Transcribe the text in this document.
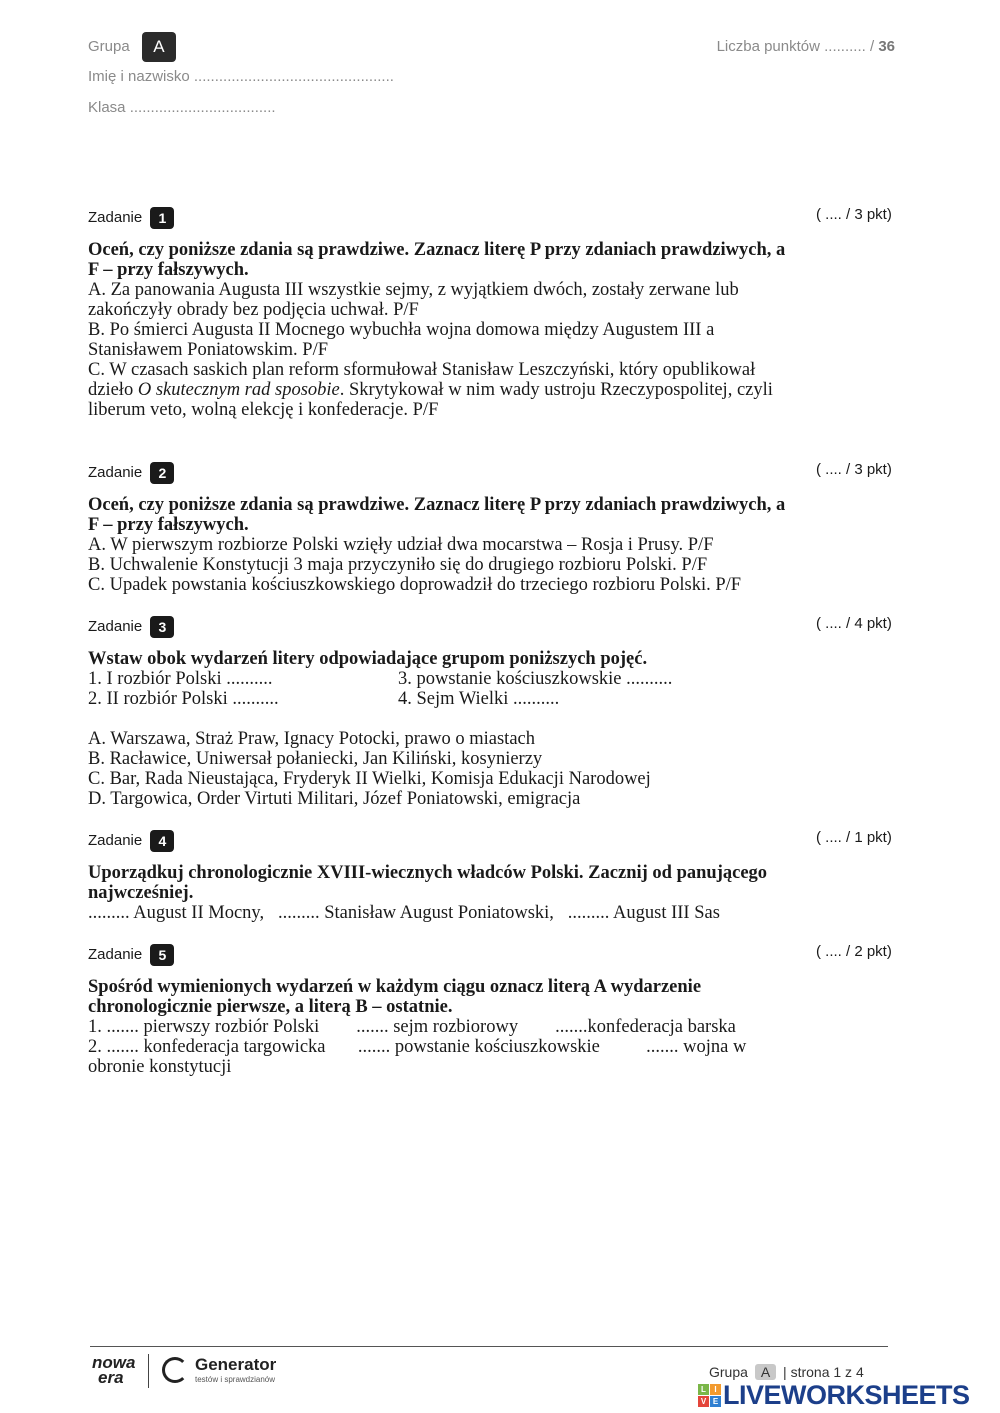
Grupa A
Imię i nazwisko ................................................
Klasa ...................................
Liczba punktów .......... / 36
Zadanie 1	( .... / 3 pkt)

Oceń, czy poniższe zdania są prawdziwe. Zaznacz literę P przy zdaniach prawdziwych, a F – przy fałszywych.

A. Za panowania Augusta III wszystkie sejmy, z wyjątkiem dwóch, zostały zerwane lub zakończyły obrady bez podjęcia uchwał. P/F

B. Po śmierci Augusta II Mocnego wybuchła wojna domowa między Augustem III a Stanisławem Poniatowskim. P/F

C. W czasach saskich plan reform sformułował Stanisław Leszczyński, który opublikował dzieło O skutecznym rad sposobie. Skrytykował w nim wady ustroju Rzeczypospolitej, czyli liberum veto, wolną elekcję i konfederacje. P/F

Zadanie 2	( .... / 3 pkt)

Oceń, czy poniższe zdania są prawdziwe. Zaznacz literę P przy zdaniach prawdziwych, a F – przy fałszywych.

A. W pierwszym rozbiorze Polski wzięły udział dwa mocarstwa – Rosja i Prusy. P/F

B. Uchwalenie Konstytucji 3 maja przyczyniło się do drugiego rozbioru Polski. P/F

C. Upadek powstania kościuszkowskiego doprowadził do trzeciego rozbioru Polski. P/F

Zadanie 3	( .... / 4 pkt)

Wstaw obok wydarzeń litery odpowiadające grupom poniższych pojęć.

1. I rozbiór Polski ..........	3. powstanie kościuszkowskie ..........
2. II rozbiór Polski ..........	4. Sejm Wielki ..........

A. Warszawa, Straż Praw, Ignacy Potocki, prawo o miastach

B. Racławice, Uniwersał połaniecki, Jan Kiliński, kosynierzy

C. Bar, Rada Nieustająca, Fryderyk II Wielki, Komisja Edukacji Narodowej

D. Targowica, Order Virtuti Militari, Józef Poniatowski, emigracja

Zadanie 4	( .... / 1 pkt)

Uporządkuj chronologicznie XVIII-wiecznych władców Polski. Zacznij od panującego najwcześniej.

......... August II Mocny,   ......... Stanisław August Poniatowski,   ......... August III Sas

Zadanie 5	( .... / 2 pkt)

Spośród wymienionych wydarzeń w każdym ciągu oznacz literą A wydarzenie chronologicznie pierwsze, a literą B – ostatnie.

1. ....... pierwszy rozbiór Polski        ....... sejm rozbiorowy        .......konfederacja barska

2. ....... konfederacja targowicka       ....... powstanie kościuszkowskie          ....... wojna w obronie konstytucji

nowa
era
Generator
testów i sprawdzianów	Grupa A | strona 1 z 4
L	I
V E LIVEWORKSHEETS
